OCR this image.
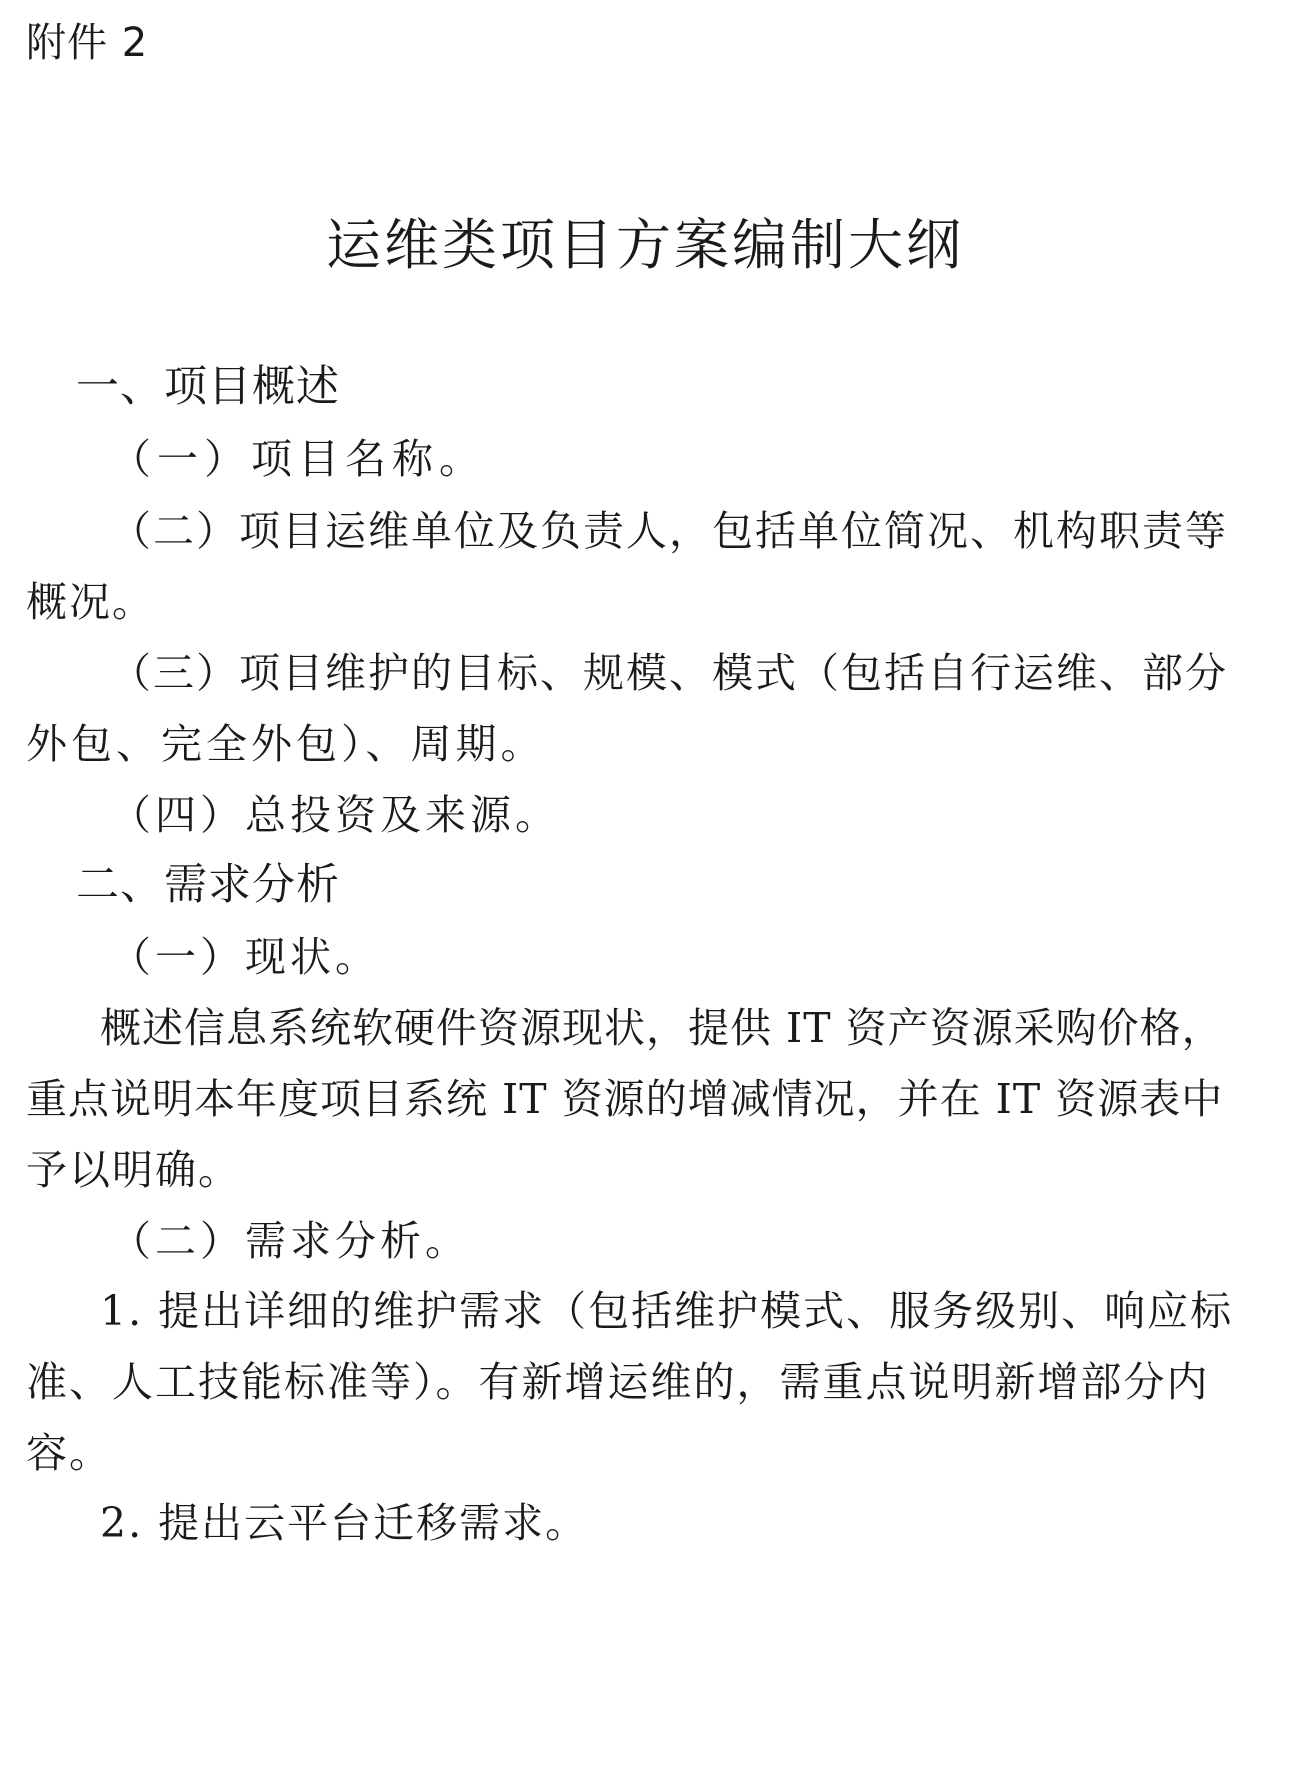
附件 2
运维类项目方案编制大纲
一、项目概述
（一）项目名称。
（二）项目运维单位及负责人，包括单位简况、机构职责等
概况。
（三）项目维护的目标、规模、模式（包括自行运维、部分
外包、完全外包）、周期。
（四）总投资及来源。
二、需求分析
（一）现状。
概述信息系统软硬件资源现状，提供 IT 资产资源采购价格，
重点说明本年度项目系统 IT 资源的增减情况，并在 IT 资源表中
予以明确。
（二）需求分析。
1. 提出详细的维护需求（包括维护模式、服务级别、响应标
准、人工技能标准等）。有新增运维的，需重点说明新增部分内
容。
2. 提出云平台迁移需求。
